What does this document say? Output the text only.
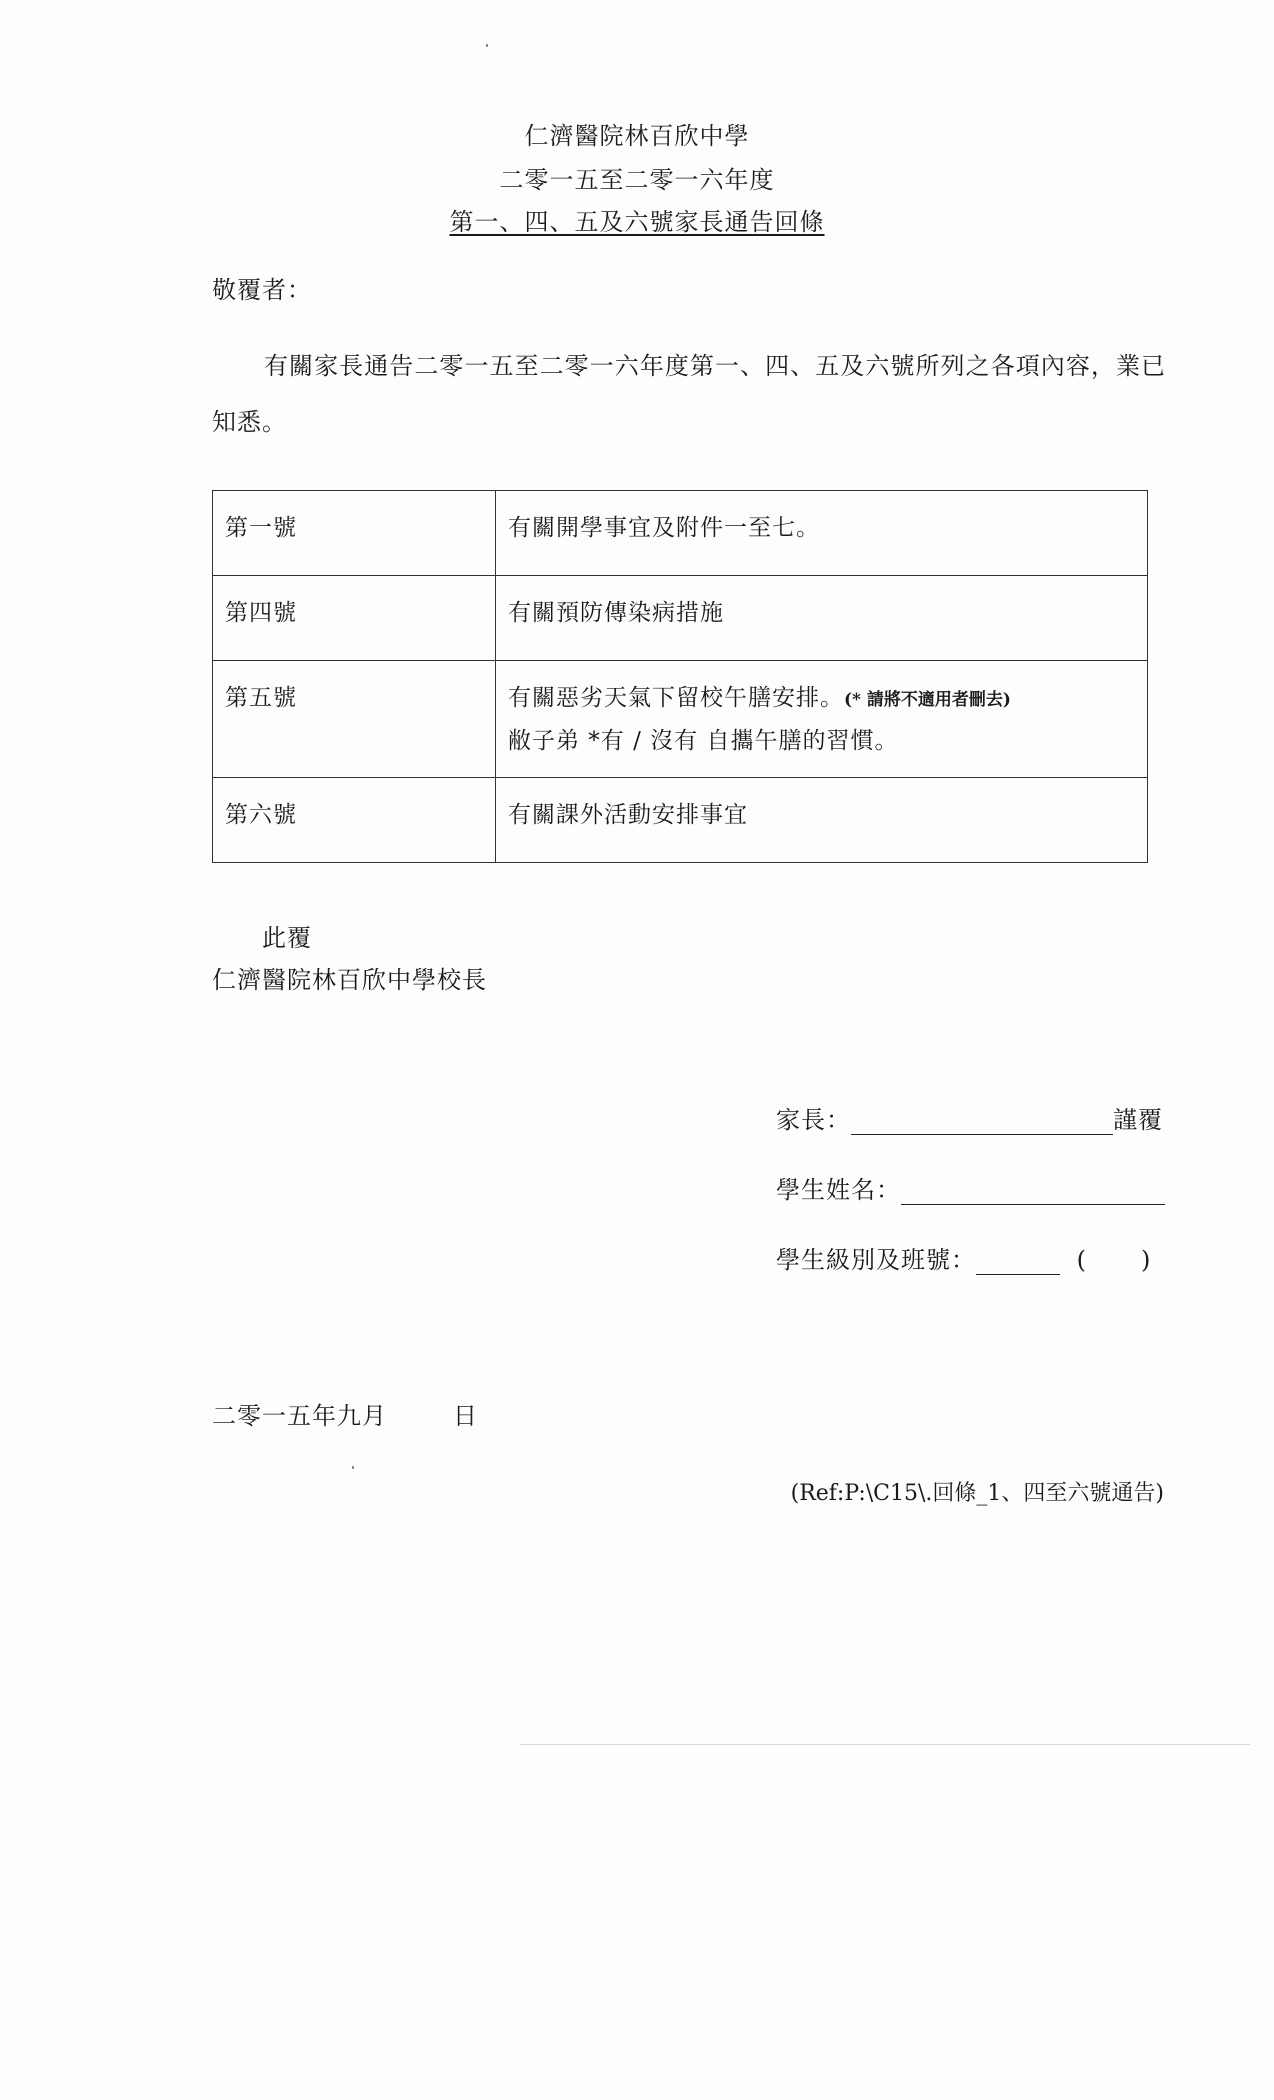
仁濟醫院林百欣中學
二零一五至二零一六年度
第一、四、五及六號家長通告回條
敬覆者：
有關家長通告二零一五至二零一六年度第一、四、五及六號所列之各項內容，業已知悉。
第一號	有關開學事宜及附件一至七。
第四號	有關預防傳染病措施
第五號	有關惡劣天氣下留校午膳安排。(* 請將不適用者刪去)
敝子弟 *有 / 沒有 自攜午膳的習慣。

第六號	有關課外活動安排事宜
此覆
仁濟醫院林百欣中學校長
家長：	謹覆
學生姓名：
學生級別及班號：	( )
二零一五年九月	日
(Ref:P:\C15\.回條_1、四至六號通告)
